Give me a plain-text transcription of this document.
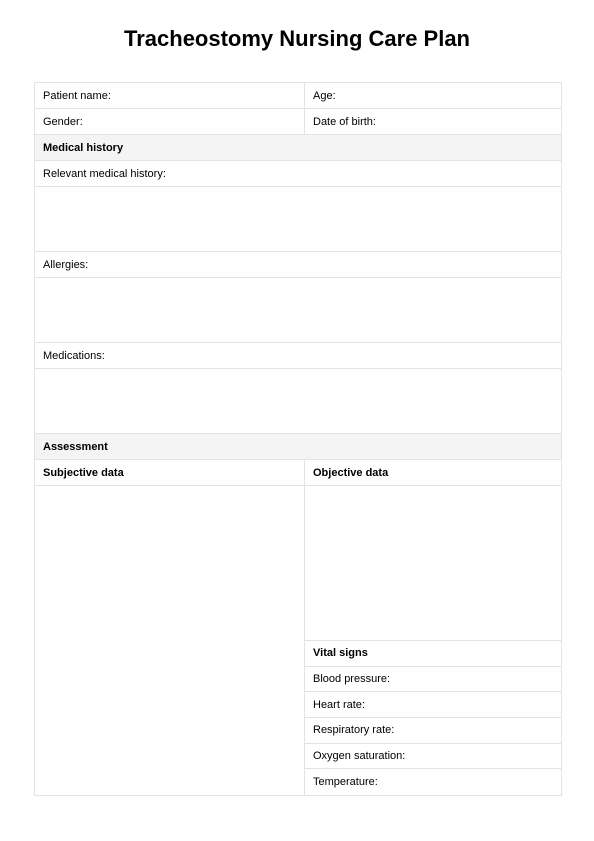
Tracheostomy Nursing Care Plan
Patient name:	Age:
Gender:	Date of birth:
Medical history
Relevant medical history:
Allergies:
Medications:
Assessment
Subjective data	Objective data
Vital signs
Blood pressure:
Heart rate:
Respiratory rate:
Oxygen saturation:
Temperature:
